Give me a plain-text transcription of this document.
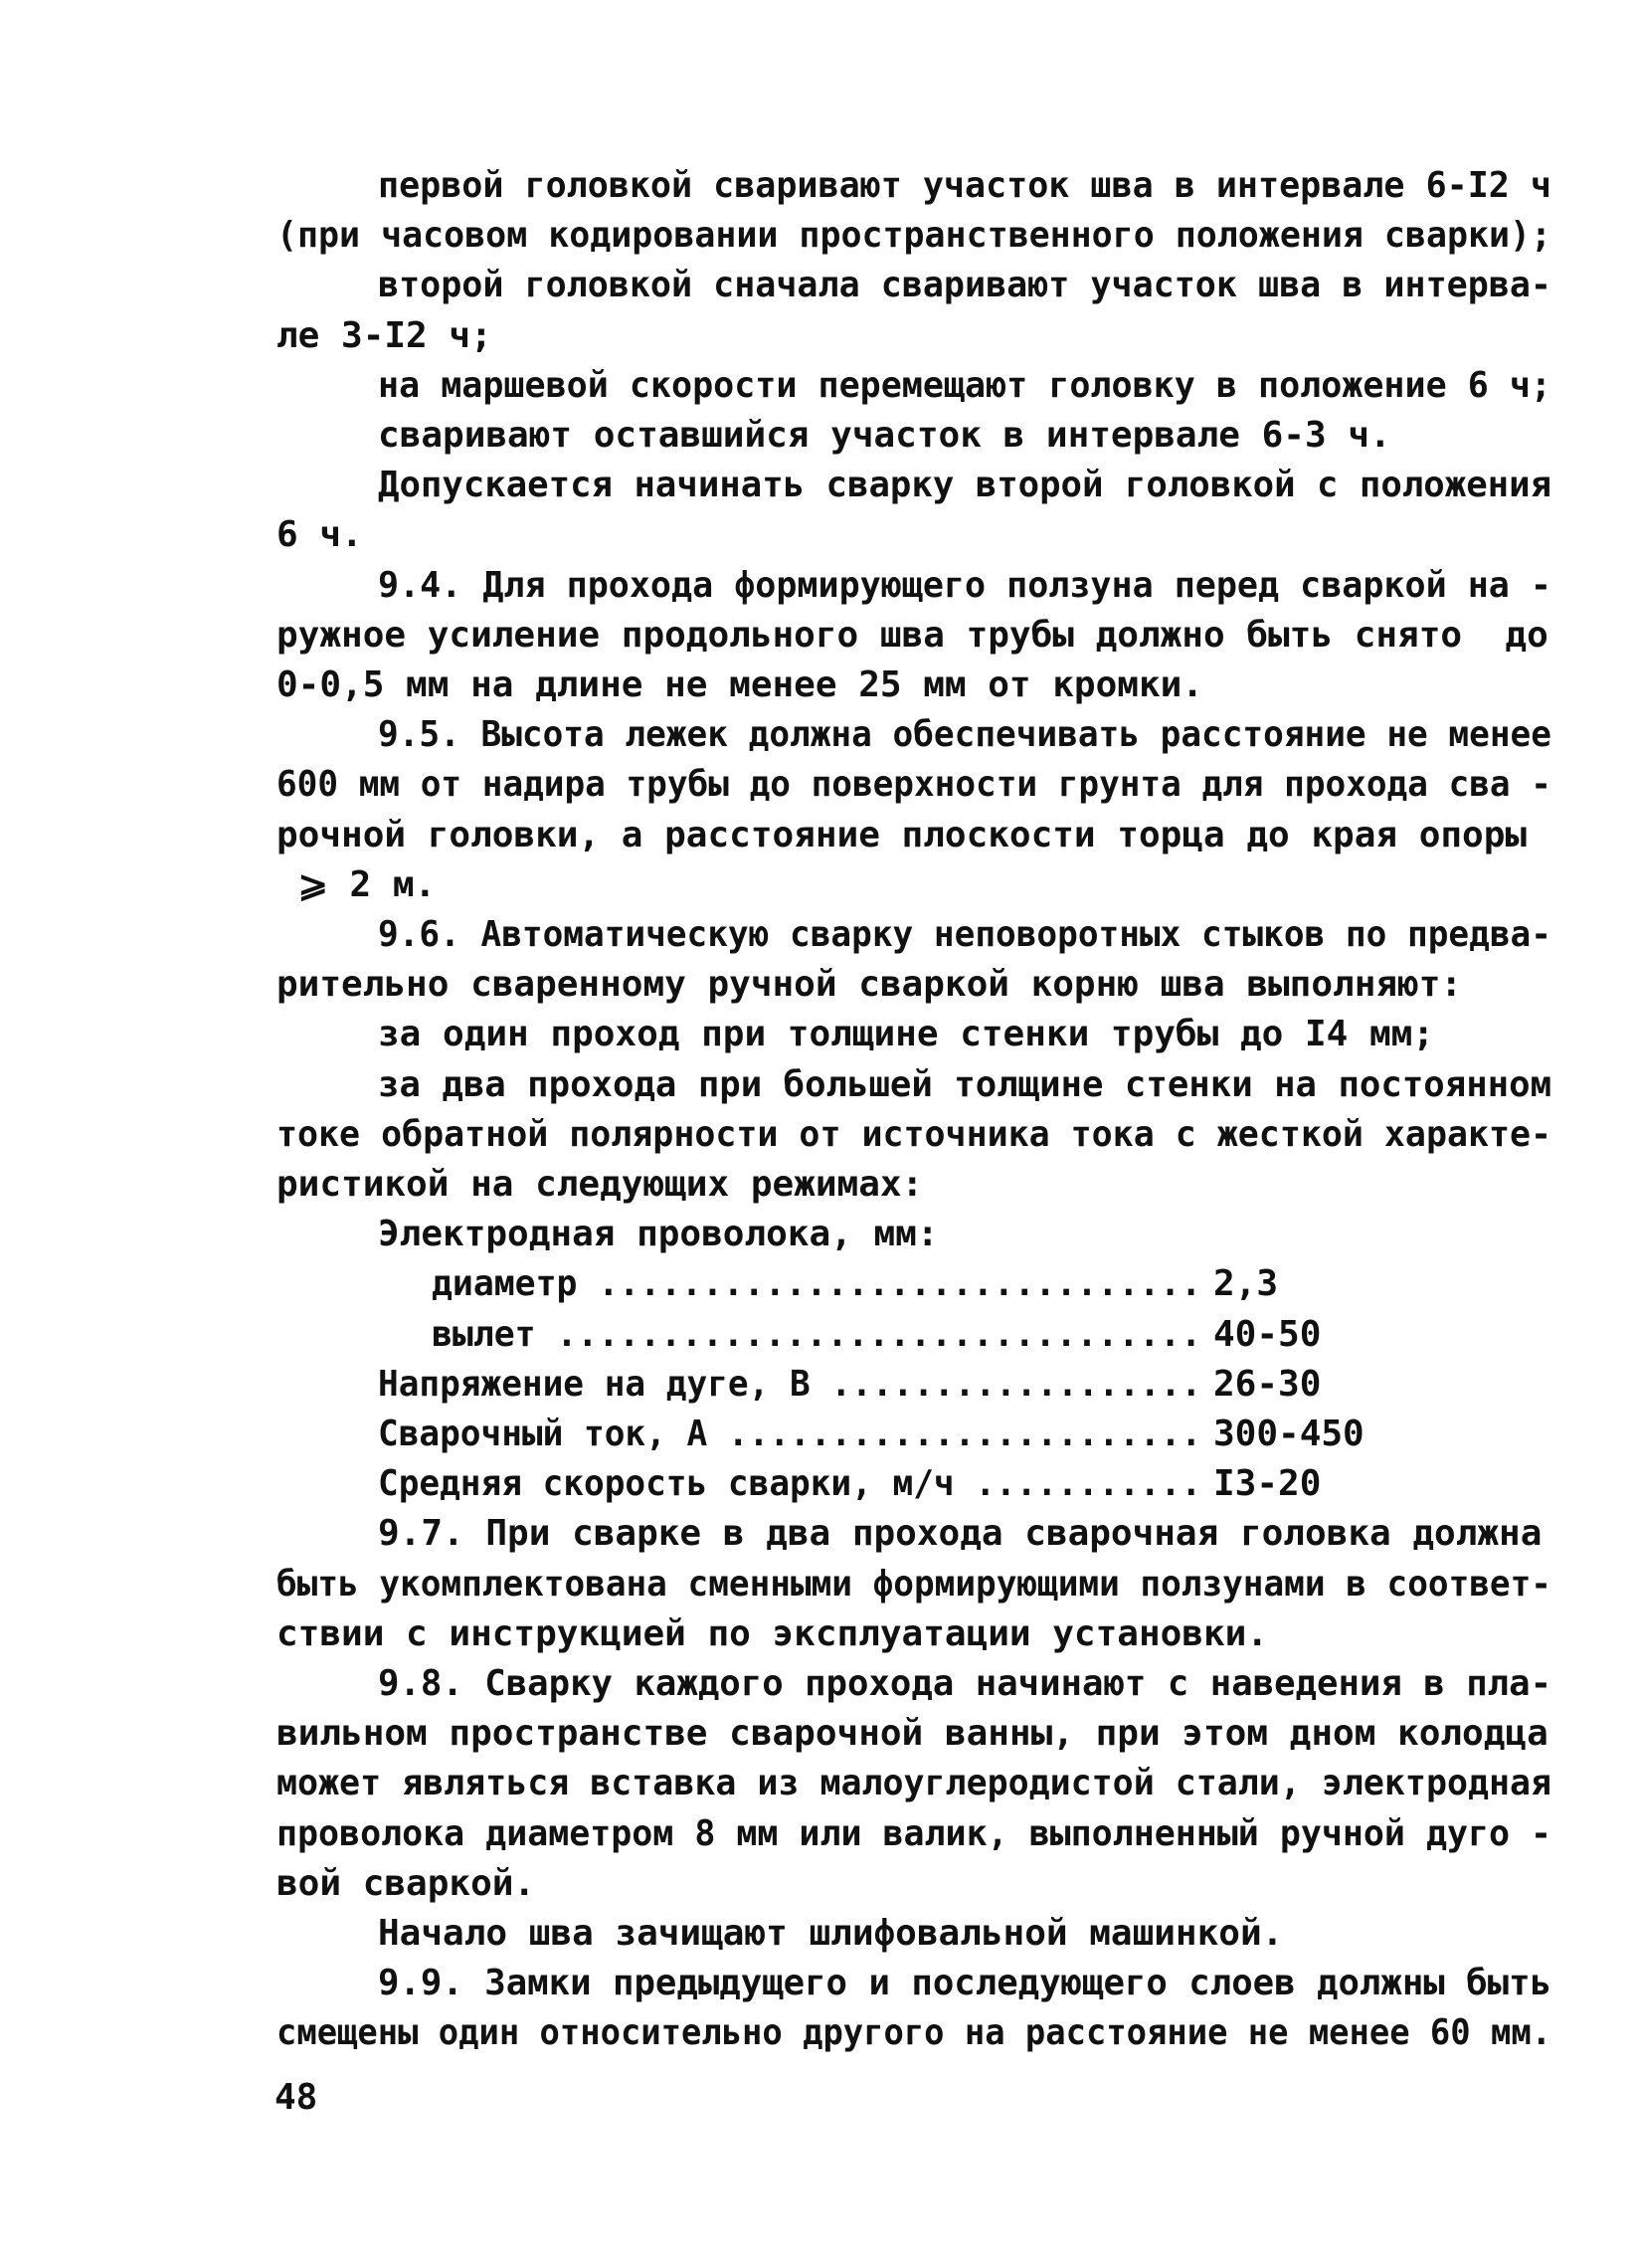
первой головкой сваривают участок шва в интервале 6-I2 ч
(при часовом кодировании пространственного положения сварки);
второй головкой сначала сваривают участок шва в интерва-
ле 3-I2 ч;
на маршевой скорости перемещают головку в положение 6 ч;
сваривают оставшийся участок в интервале 6-3 ч.
Допускается начинать сварку второй головкой с положения
6 ч.
9.4. Для прохода формирующего ползуна перед сваркой на -
ружное усиление продольного шва трубы должно быть снято  до
0-0,5 мм на длине не менее 25 мм от кромки.
9.5. Высота лежек должна обеспечивать расстояние не менее
600 мм от надира трубы до поверхности грунта для прохода сва -
рочной головки, а расстояние плоскости торца до края опоры
⩾ 2 м.
9.6. Автоматическую сварку неповоротных стыков по предва-
рительно сваренному ручной сваркой корню шва выполняют:
за один проход при толщине стенки трубы до I4 мм;
за два прохода при большей толщине стенки на постоянном
токе обратной полярности от источника тока с жесткой характе-
ристикой на следующих режимах:
Электродная проволока, мм:
диаметр ............................. 2,3
вылет ............................... 40-50
Напряжение на дуге, В .................. 26-30
Сварочный ток, А ....................... 300-450
Средняя скорость сварки, м/ч ........... I3-20
9.7. При сварке в два прохода сварочная головка должна
быть укомплектована сменными формирующими ползунами в соответ-
ствии с инструкцией по эксплуатации установки.
9.8. Сварку каждого прохода начинают с наведения в пла-
вильном пространстве сварочной ванны, при этом дном колодца
может являться вставка из малоуглеродистой стали, электродная
проволока диаметром 8 мм или валик, выполненный ручной дуго -
вой сваркой.
Начало шва зачищают шлифовальной машинкой.
9.9. Замки предыдущего и последующего слоев должны быть
смещены один относительно другого на расстояние не менее 60 мм.
48
